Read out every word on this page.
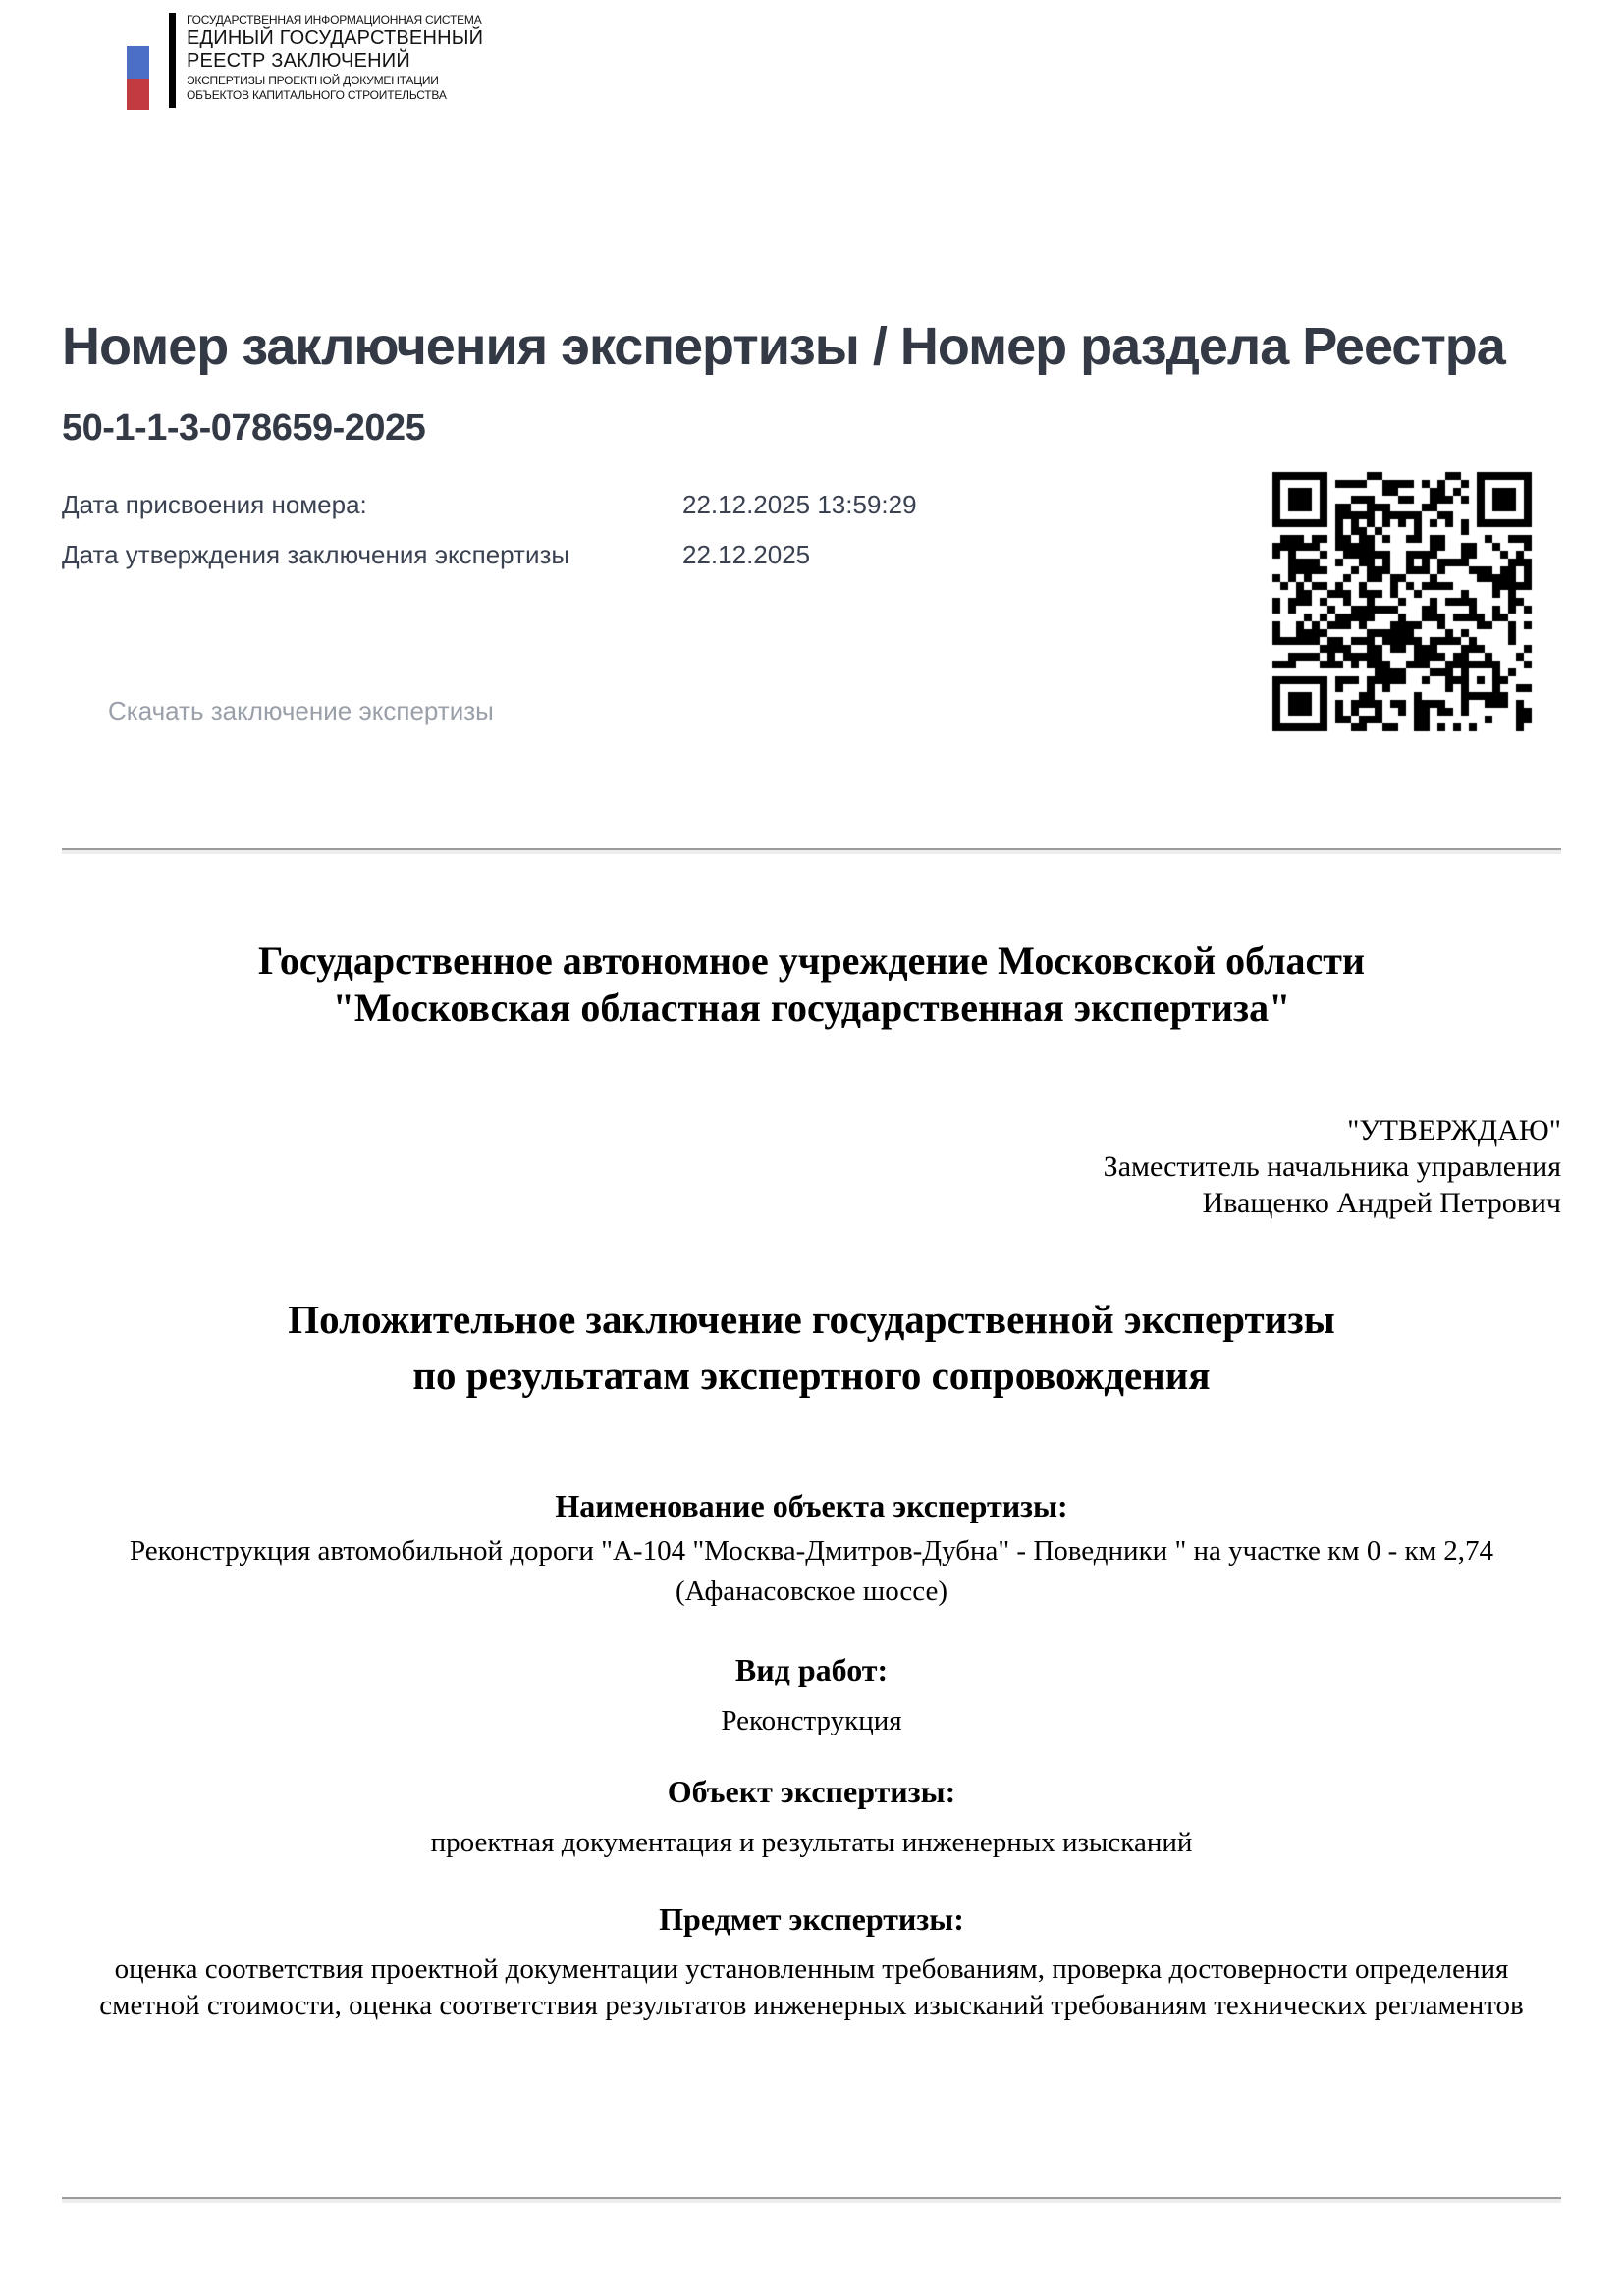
ГОСУДАРСТВЕННАЯ ИНФОРМАЦИОННАЯ СИСТЕМА
ЕДИНЫЙ ГОСУДАРСТВЕННЫЙ
РЕЕСТР ЗАКЛЮЧЕНИЙ
ЭКСПЕРТИЗЫ ПРОЕКТНОЙ ДОКУМЕНТАЦИИ
ОБЪЕКТОВ КАПИТАЛЬНОГО СТРОИТЕЛЬСТВА
Номер заключения экспертизы / Номер раздела Реестра
50-1-1-3-078659-2025
Дата присвоения номера:	22.12.2025 13:59:29
Дата утверждения заключения экспертизы	22.12.2025
Скачать заключение экспертизы
Государственное автономное учреждение Московской области
"Московская областная государственная экспертиза"
"УТВЕРЖДАЮ"
Заместитель начальника управления
Иващенко Андрей Петрович
Положительное заключение государственной экспертизы
по результатам экспертного сопровождения
Наименование объекта экспертизы:
Реконструкция автомобильной дороги "А-104 "Москва-Дмитров-Дубна" - Поведники " на участке км 0 - км 2,74 (Афанасовское шоссе)
Вид работ:
Реконструкция
Объект экспертизы:
проектная документация и результаты инженерных изысканий
Предмет экспертизы:
оценка соответствия проектной документации установленным требованиям, проверка достоверности определения сметной стоимости, оценка соответствия результатов инженерных изысканий требованиям технических регламентов
